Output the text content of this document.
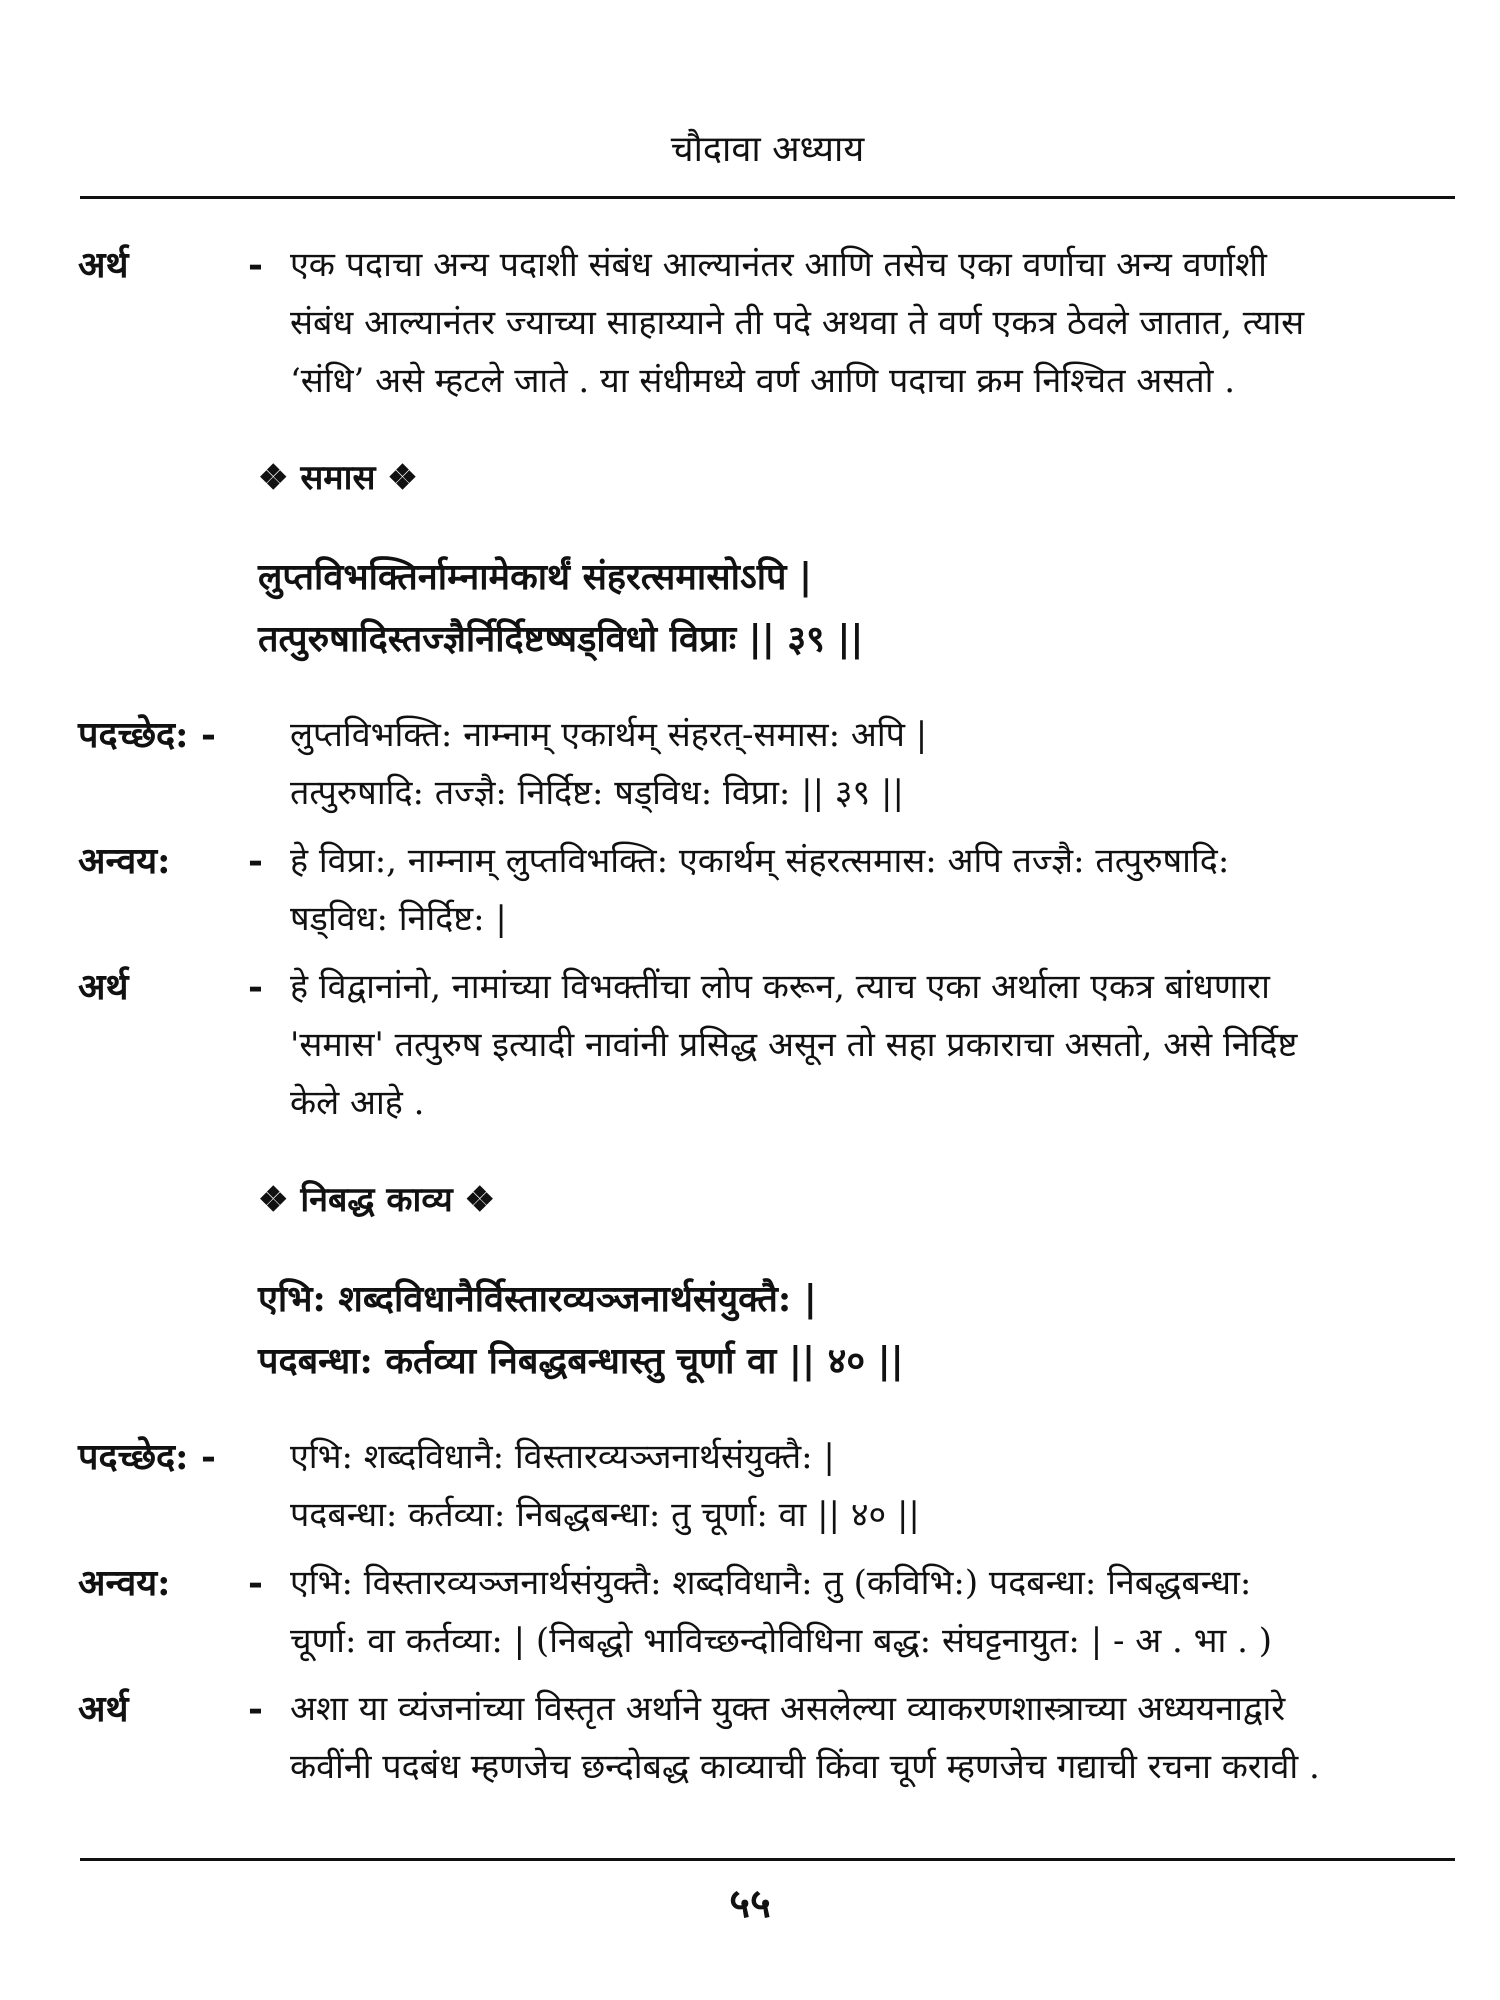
चौदावा अध्याय
अर्थ	- एक पदाचा अन्य पदाशी संबंध आल्यानंतर आणि तसेच एका वर्णाचा अन्य वर्णाशी

संबंध आल्यानंतर ज्याच्या साहाय्याने ती पदे अथवा ते वर्ण एकत्र ठेवले जातात, त्यास

‘संधि’ असे म्हटले जाते . या संधीमध्ये वर्ण आणि पदाचा क्रम निश्चित असतो .

❖ समास ❖

लुप्तविभक्तिर्नाम्नामेकार्थं संहरत्समासोऽपि |

तत्पुरुषादिस्तज्ज्ञैर्निर्दिष्टष्षड्विधो विप्राः || ३९ ||

पदच्छेद: -	लुप्तविभक्ति: नाम्नाम् एकार्थम् संहरत्-समास: अपि |

तत्पुरुषादि: तज्ज्ञै: निर्दिष्ट: षड्विध: विप्रा: || ३९ ||

अन्वय:	- हे विप्रा:, नाम्नाम् लुप्तविभक्ति: एकार्थम् संहरत्समास: अपि तज्ज्ञै: तत्पुरुषादि:

षड्विध: निर्दिष्ट: |

अर्थ	- हे विद्वानांनो, नामांच्या विभक्तींचा लोप करून, त्याच एका अर्थाला एकत्र बांधणारा

'समास' तत्पुरुष इत्यादी नावांनी प्रसिद्ध असून तो सहा प्रकाराचा असतो, असे निर्दिष्ट

केले आहे .

❖ निबद्ध काव्य ❖

एभि: शब्दविधानैर्विस्तारव्यञ्जनार्थसंयुक्तै: |

पदबन्धा: कर्तव्या निबद्धबन्धास्तु चूर्णा वा || ४० ||

पदच्छेद: -	एभि: शब्दविधानै: विस्तारव्यञ्जनार्थसंयुक्तै: |

पदबन्धा: कर्तव्या: निबद्धबन्धा: तु चूर्णा: वा || ४० ||

अन्वय:	- एभि: विस्तारव्यञ्जनार्थसंयुक्तै: शब्दविधानै: तु (कविभि:) पदबन्धा: निबद्धबन्धा:

चूर्णा: वा कर्तव्या: | (निबद्धो भाविच्छन्दोविधिना बद्ध: संघट्टनायुत: | - अ . भा . )

अर्थ	- अशा या व्यंजनांच्या विस्तृत अर्थाने युक्त असलेल्या व्याकरणशास्त्राच्या अध्ययनाद्वारे

कवींनी पदबंध म्हणजेच छन्दोबद्ध काव्याची किंवा चूर्ण म्हणजेच गद्याची रचना करावी .

५५
